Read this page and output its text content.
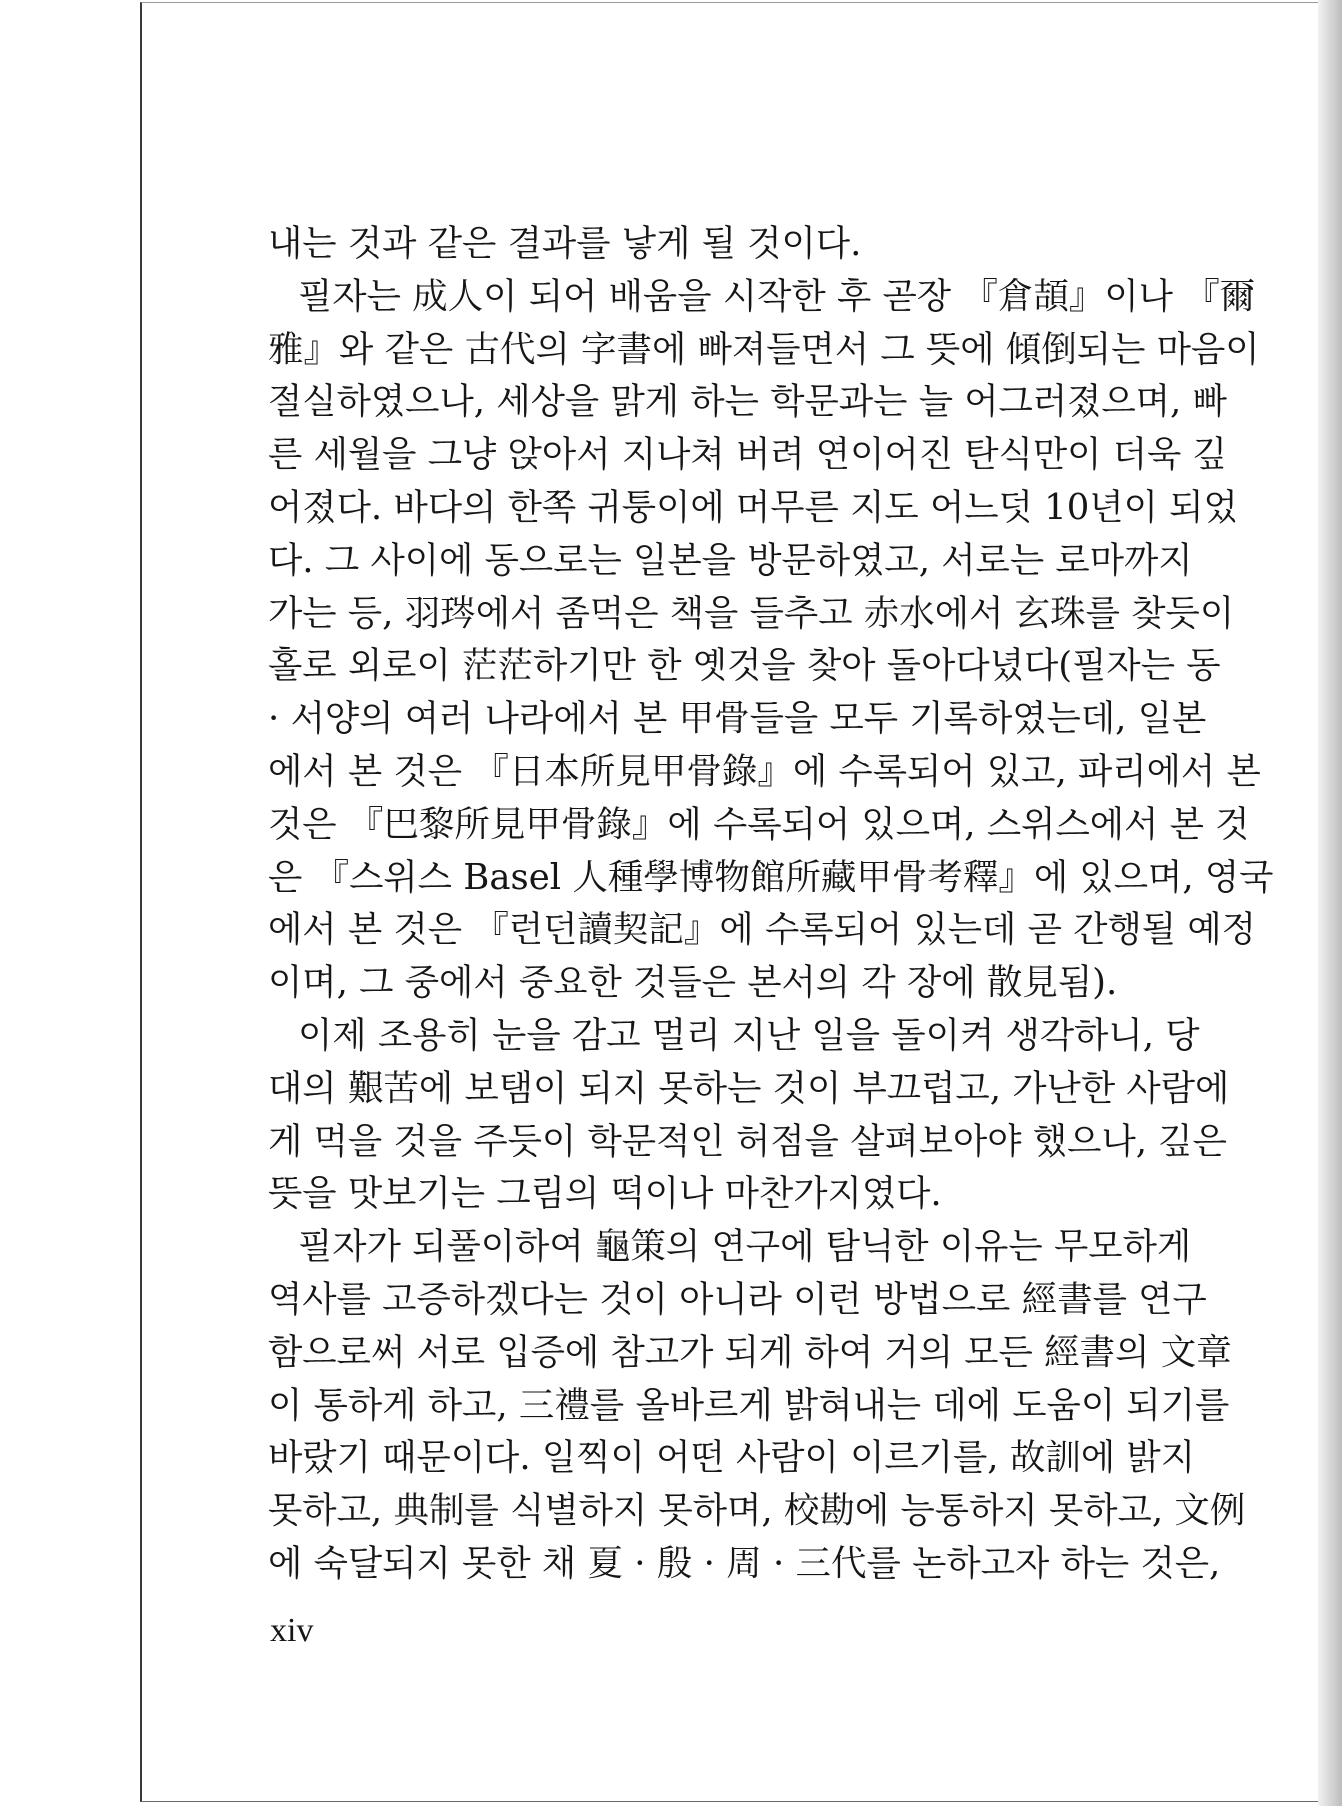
내는 것과 같은 결과를 낳게 될 것이다.
필자는 成人이 되어 배움을 시작한 후 곧장 『倉頡』이나 『爾
雅』와 같은 古代의 字書에 빠져들면서 그 뜻에 傾倒되는 마음이
절실하였으나, 세상을 맑게 하는 학문과는 늘 어그러졌으며, 빠
른 세월을 그냥 앉아서 지나쳐 버려 연이어진 탄식만이 더욱 깊
어졌다. 바다의 한쪽 귀퉁이에 머무른 지도 어느덧 10년이 되었
다. 그 사이에 동으로는 일본을 방문하였고, 서로는 로마까지
가는 등, 羽琌에서 좀먹은 책을 들추고 赤水에서 玄珠를 찾듯이
홀로 외로이 茫茫하기만 한 옛것을 찾아 돌아다녔다(필자는 동
· 서양의 여러 나라에서 본 甲骨들을 모두 기록하였는데, 일본
에서 본 것은 『日本所見甲骨錄』에 수록되어 있고, 파리에서 본
것은 『巴黎所見甲骨錄』에 수록되어 있으며, 스위스에서 본 것
은 『스위스 Basel 人種學博物館所藏甲骨考釋』에 있으며, 영국
에서 본 것은 『런던讀契記』에 수록되어 있는데 곧 간행될 예정
이며, 그 중에서 중요한 것들은 본서의 각 장에 散見됨).
이제 조용히 눈을 감고 멀리 지난 일을 돌이켜 생각하니, 당
대의 艱苦에 보탬이 되지 못하는 것이 부끄럽고, 가난한 사람에
게 먹을 것을 주듯이 학문적인 허점을 살펴보아야 했으나, 깊은
뜻을 맛보기는 그림의 떡이나 마찬가지였다.
필자가 되풀이하여 龜策의 연구에 탐닉한 이유는 무모하게
역사를 고증하겠다는 것이 아니라 이런 방법으로 經書를 연구
함으로써 서로 입증에 참고가 되게 하여 거의 모든 經書의 文章
이 통하게 하고, 三禮를 올바르게 밝혀내는 데에 도움이 되기를
바랐기 때문이다. 일찍이 어떤 사람이 이르기를, 故訓에 밝지
못하고, 典制를 식별하지 못하며, 校勘에 능통하지 못하고, 文例
에 숙달되지 못한 채 夏 · 殷 · 周 · 三代를 논하고자 하는 것은,
xiv
